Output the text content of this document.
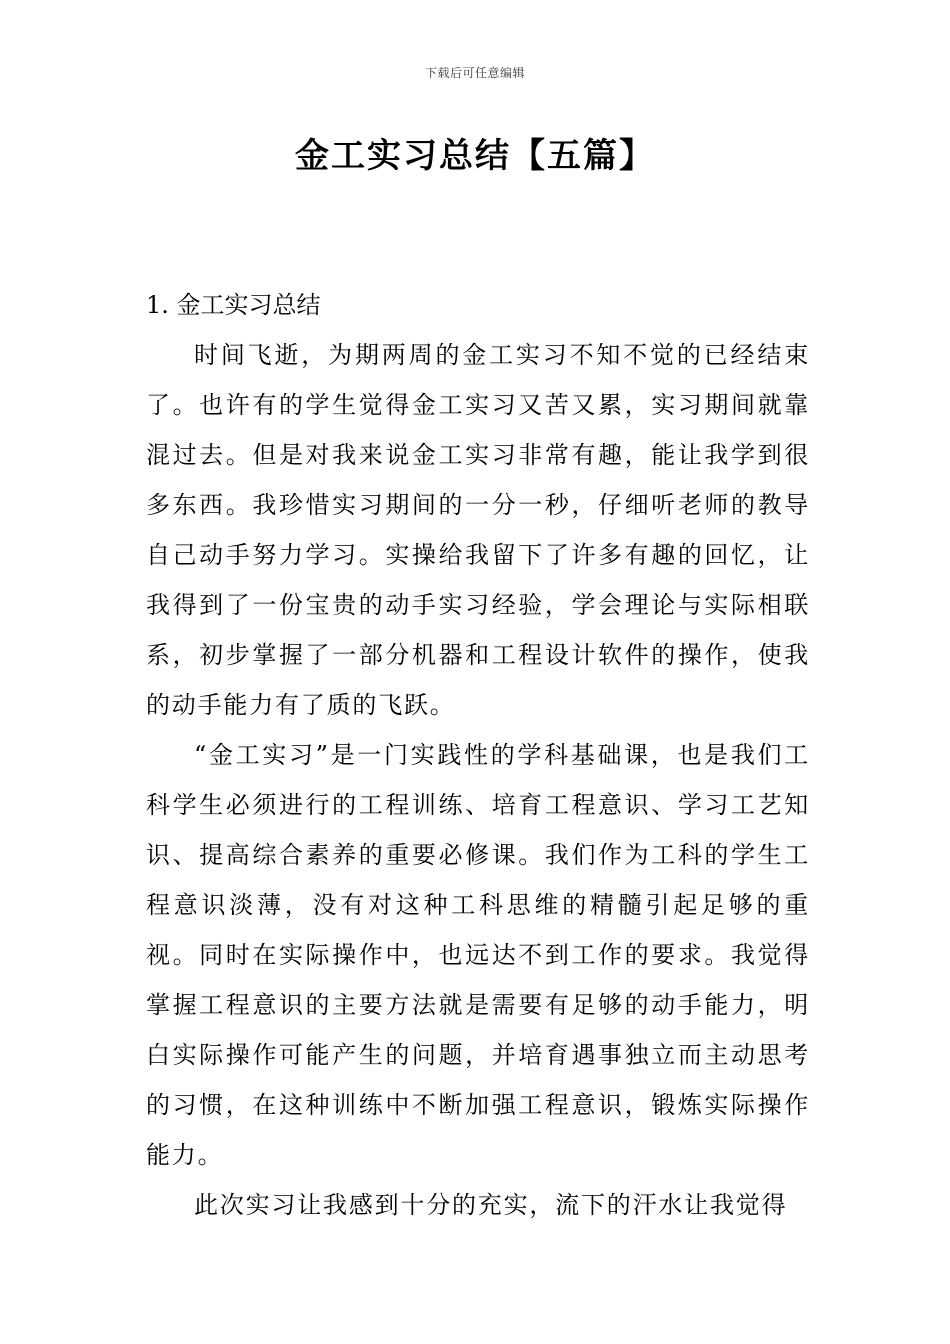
下载后可任意编辑
金工实习总结【五篇】

1. 金工实习总结

时间飞逝，为期两周的金工实习不知不觉的已经结束了。也许有的学生觉得金工实习又苦又累，实习期间就靠混过去。但是对我来说金工实习非常有趣，能让我学到很多东西。我珍惜实习期间的一分一秒，仔细听老师的教导自己动手努力学习。实操给我留下了许多有趣的回忆，让我得到了一份宝贵的动手实习经验，学会理论与实际相联系，初步掌握了一部分机器和工程设计软件的操作，使我的动手能力有了质的飞跃。

“金工实习”是一门实践性的学科基础课，也是我们工科学生必须进行的工程训练、培育工程意识、学习工艺知识、提高综合素养的重要必修课。我们作为工科的学生工程意识淡薄，没有对这种工科思维的精髓引起足够的重视。同时在实际操作中，也远达不到工作的要求。我觉得掌握工程意识的主要方法就是需要有足够的动手能力，明白实际操作可能产生的问题，并培育遇事独立而主动思考的习惯，在这种训练中不断加强工程意识，锻炼实际操作能力。

此次实习让我感到十分的充实，流下的汗水让我觉得
